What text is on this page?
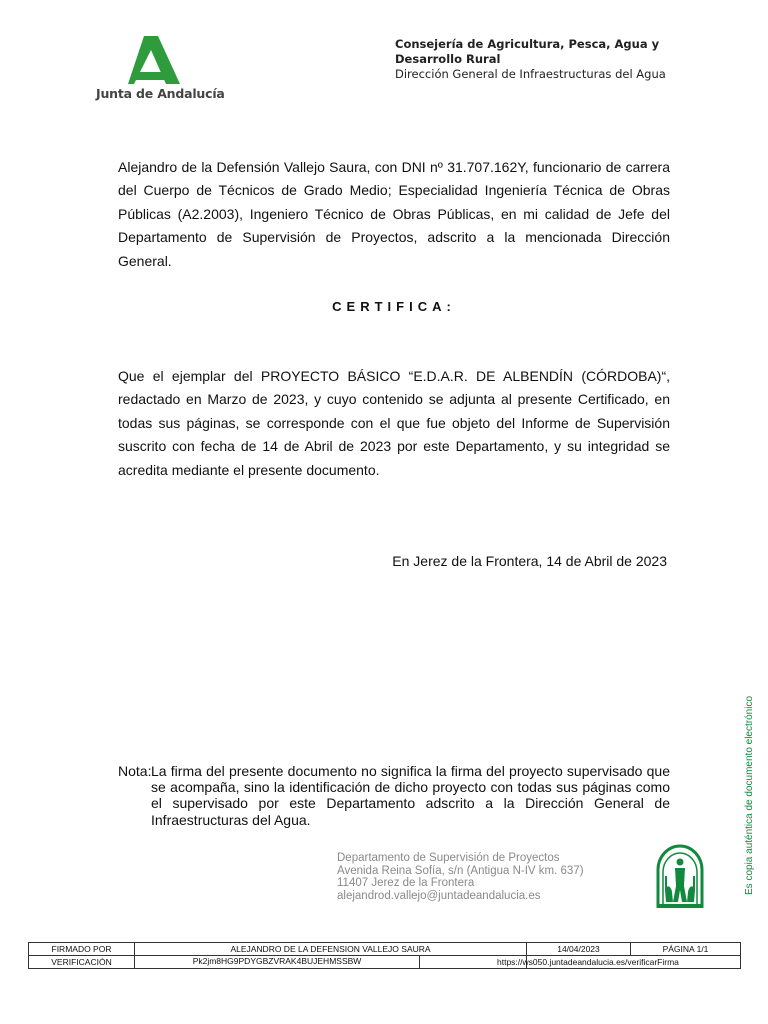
Junta de Andalucía
Consejería de Agricultura, Pesca, Agua y
Desarrollo Rural
Dirección General de Infraestructuras del Agua
Alejandro de la Defensión Vallejo Saura, con DNI nº 31.707.162Y, funcionario de carrera del Cuerpo de Técnicos de Grado Medio; Especialidad Ingeniería Técnica de Obras Públicas (A2.2003), Ingeniero Técnico de Obras Públicas, en mi calidad de Jefe del Departamento de Supervisión de Proyectos, adscrito a la mencionada Dirección General.
CERTIFICA:
Que el ejemplar del PROYECTO BÁSICO “E.D.A.R. DE ALBENDÍN (CÓRDOBA)“, redactado en Marzo de 2023, y cuyo contenido se adjunta al presente Certificado, en todas sus páginas, se corresponde con el que fue objeto del Informe de Supervisión suscrito con fecha de 14 de Abril de 2023 por este Departamento, y su integridad se acredita mediante el presente documento.
En Jerez de la Frontera, 14 de Abril de 2023
Nota: La firma del presente documento no significa la firma del proyecto supervisado que se acompaña, sino la identificación de dicho proyecto con todas sus páginas como el supervisado por este Departamento adscrito a la Dirección General de Infraestructuras del Agua.
Departamento de Supervisión de Proyectos
Avenida Reina Sofía, s/n (Antigua N-IV km. 637)
11407 Jerez de la Frontera
alejandrod.vallejo@juntadeandalucia.es
Es copia auténtica de documento electrónico
FIRMADO POR	ALEJANDRO DE LA DEFENSION VALLEJO SAURA	14/04/2023	PÁGINA 1/1
VERIFICACIÓN	Pk2jm8HG9PDYGBZVRAK4BUJEHMSSBW	https://ws050.juntadeandalucia.es/verificarFirma	
